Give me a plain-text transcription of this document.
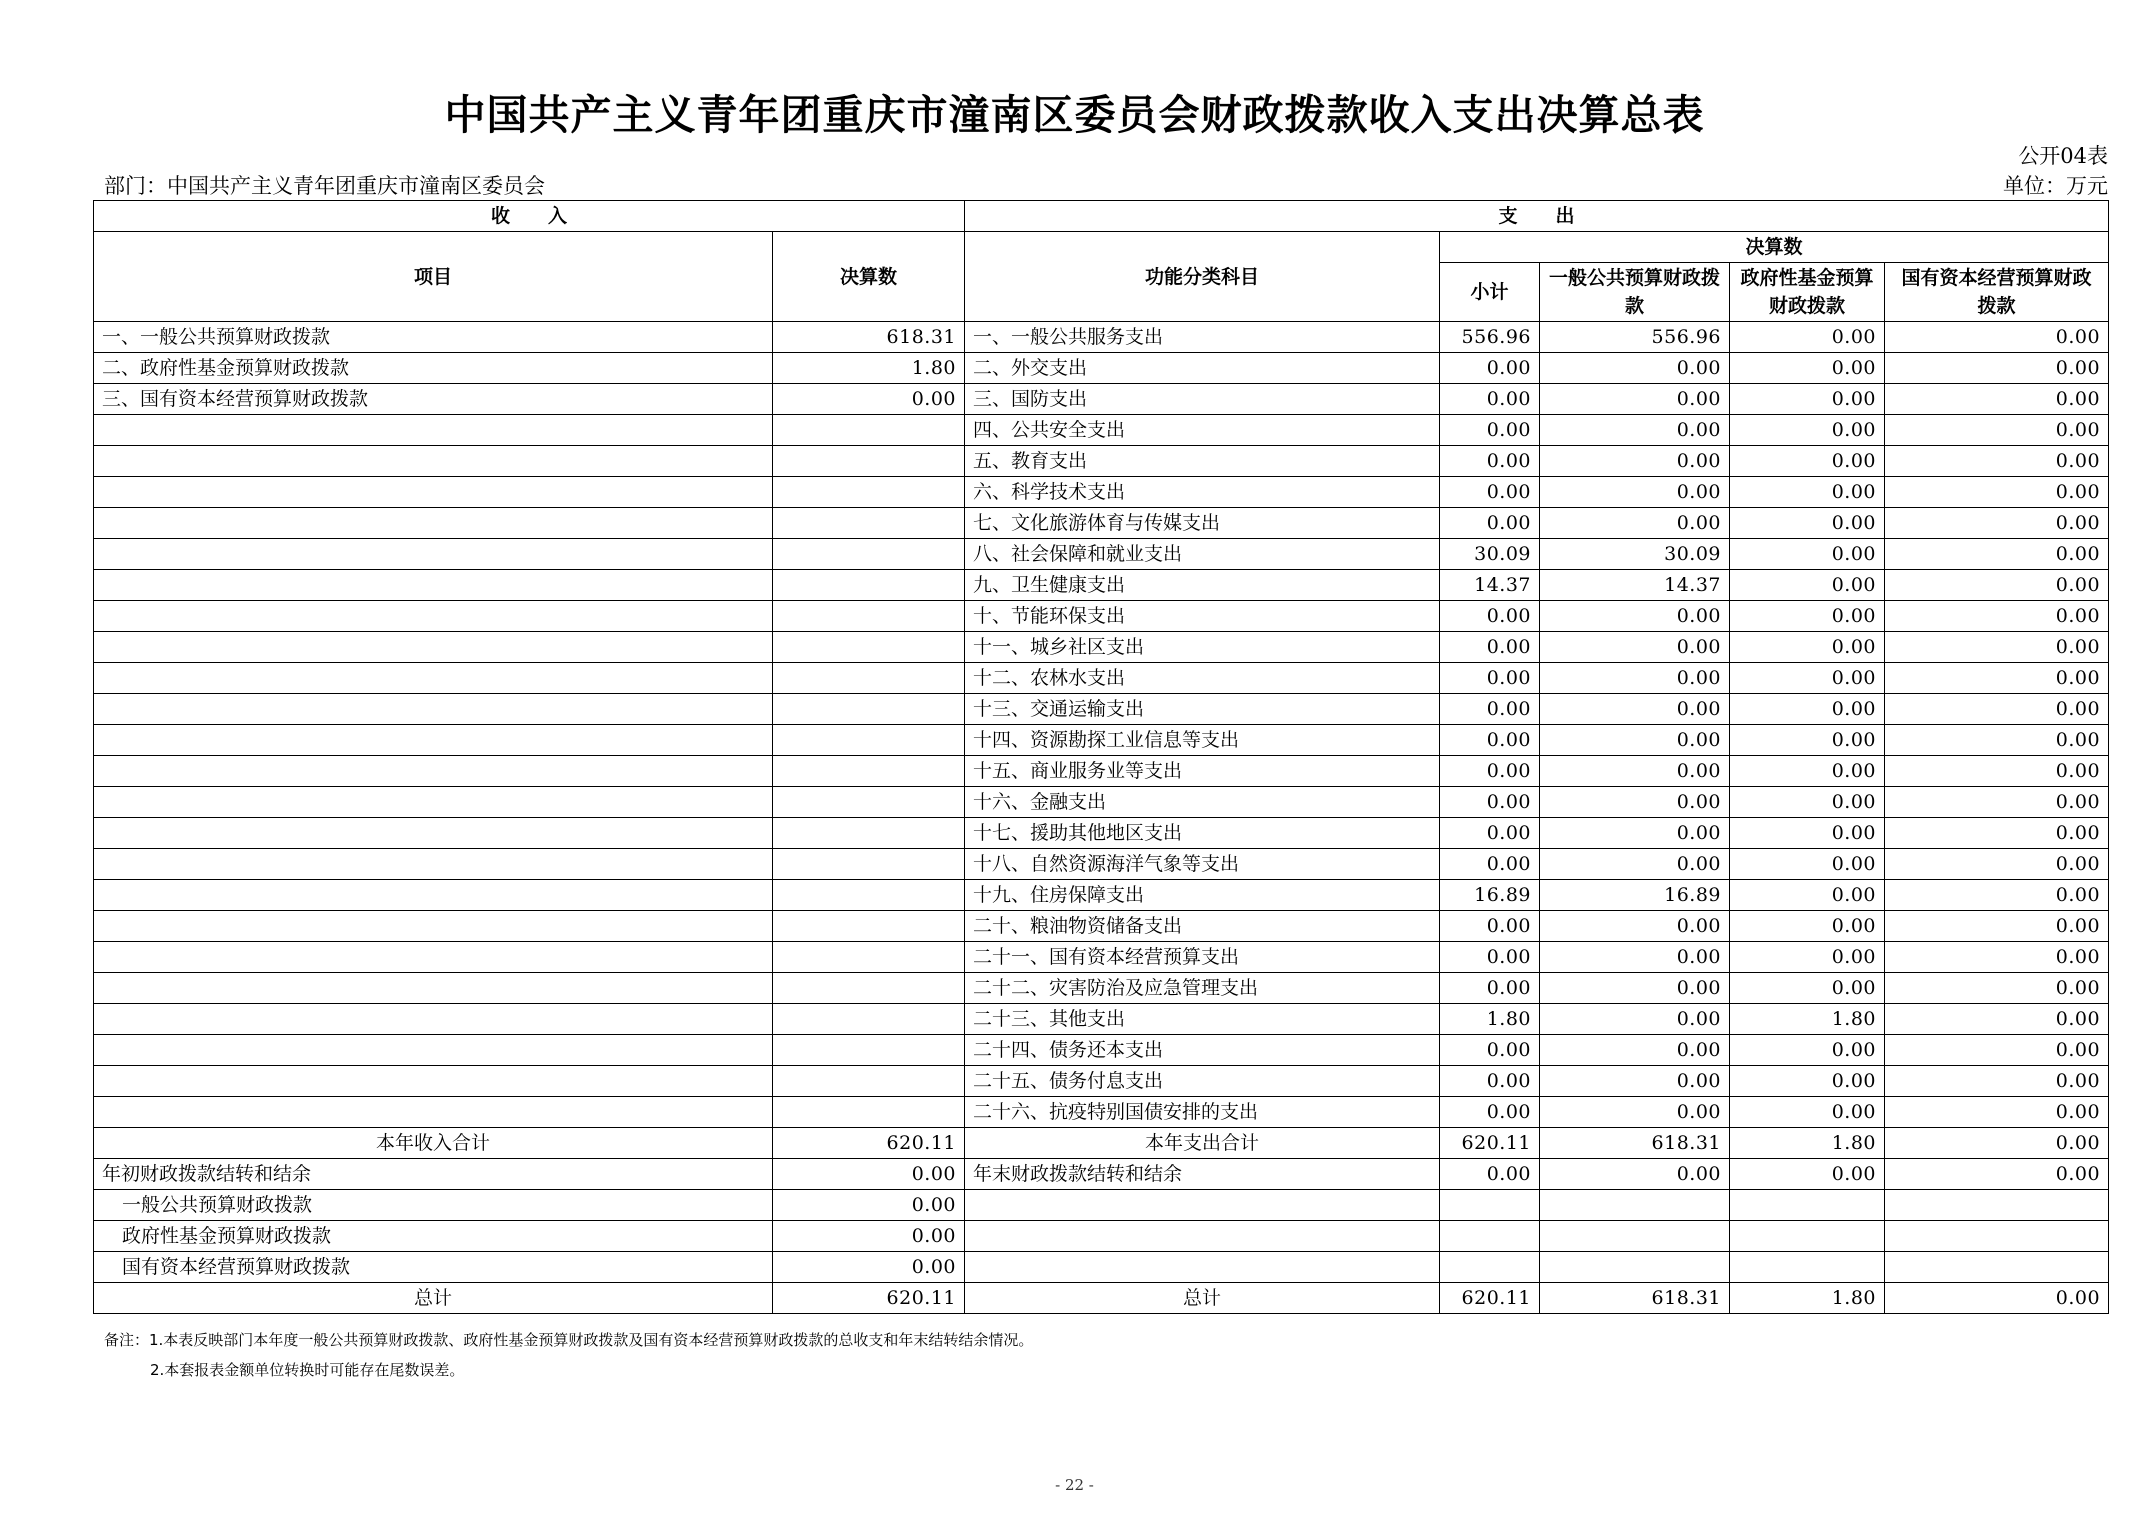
中国共产主义青年团重庆市潼南区委员会财政拨款收入支出决算总表
公开04表
部门：中国共产主义青年团重庆市潼南区委员会	单位：万元
收　　入		支　　出				
项目	决算数	功能分类科目	决算数			
			小计	一般公共预算财政拨款	政府性基金预算财政拨款	国有资本经营预算财政拨款
一、一般公共预算财政拨款	618.31	一、一般公共服务支出	556.96	556.96	0.00	0.00
二、政府性基金预算财政拨款	1.80	二、外交支出	0.00	0.00	0.00	0.00
三、国有资本经营预算财政拨款	0.00	三、国防支出	0.00	0.00	0.00	0.00
		四、公共安全支出	0.00	0.00	0.00	0.00
		五、教育支出	0.00	0.00	0.00	0.00
		六、科学技术支出	0.00	0.00	0.00	0.00
		七、文化旅游体育与传媒支出	0.00	0.00	0.00	0.00
		八、社会保障和就业支出	30.09	30.09	0.00	0.00
		九、卫生健康支出	14.37	14.37	0.00	0.00
		十、节能环保支出	0.00	0.00	0.00	0.00
		十一、城乡社区支出	0.00	0.00	0.00	0.00
		十二、农林水支出	0.00	0.00	0.00	0.00
		十三、交通运输支出	0.00	0.00	0.00	0.00
		十四、资源勘探工业信息等支出	0.00	0.00	0.00	0.00
		十五、商业服务业等支出	0.00	0.00	0.00	0.00
		十六、金融支出	0.00	0.00	0.00	0.00
		十七、援助其他地区支出	0.00	0.00	0.00	0.00
		十八、自然资源海洋气象等支出	0.00	0.00	0.00	0.00
		十九、住房保障支出	16.89	16.89	0.00	0.00
		二十、粮油物资储备支出	0.00	0.00	0.00	0.00
		二十一、国有资本经营预算支出	0.00	0.00	0.00	0.00
		二十二、灾害防治及应急管理支出	0.00	0.00	0.00	0.00
		二十三、其他支出	1.80	0.00	1.80	0.00
		二十四、债务还本支出	0.00	0.00	0.00	0.00
		二十五、债务付息支出	0.00	0.00	0.00	0.00
		二十六、抗疫特别国债安排的支出	0.00	0.00	0.00	0.00
本年收入合计	620.11	本年支出合计	620.11	618.31	1.80	0.00
年初财政拨款结转和结余	0.00	年末财政拨款结转和结余	0.00	0.00	0.00	0.00
一般公共预算财政拨款	0.00					
政府性基金预算财政拨款	0.00					
国有资本经营预算财政拨款	0.00					
总计	620.11	总计	620.11	618.31	1.80	0.00
备注：1.本表反映部门本年度一般公共预算财政拨款、政府性基金预算财政拨款及国有资本经营预算财政拨款的总收支和年末结转结余情况。
2.本套报表金额单位转换时可能存在尾数误差。
- 22 -
